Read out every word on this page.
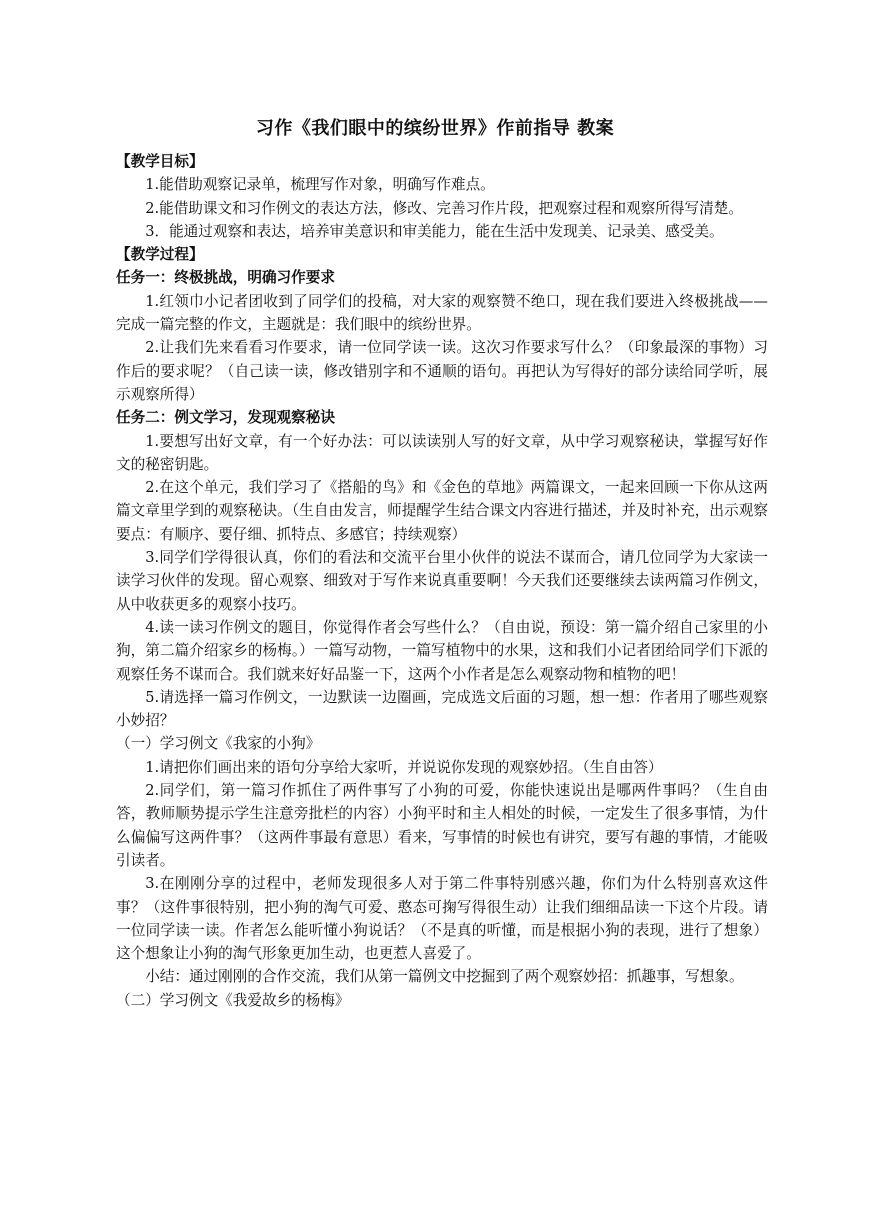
习作《我们眼中的缤纷世界》作前指导 教案

【教学目标】

1.能借助观察记录单，梳理写作对象，明确写作难点。

2.能借助课文和习作例文的表达方法，修改、完善习作片段，把观察过程和观察所得写清楚。

3．能通过观察和表达，培养审美意识和审美能力，能在生活中发现美、记录美、感受美。

【教学过程】

任务一：终极挑战，明确习作要求

1.红领巾小记者团收到了同学们的投稿，对大家的观察赞不绝口，现在我们要进入终极挑战——完成一篇完整的作文，主题就是：我们眼中的缤纷世界。

2.让我们先来看看习作要求，请一位同学读一读。这次习作要求写什么？（印象最深的事物）习作后的要求呢？（自己读一读，修改错别字和不通顺的语句。再把认为写得好的部分读给同学听，展示观察所得）

任务二：例文学习，发现观察秘诀

1.要想写出好文章，有一个好办法：可以读读别人写的好文章，从中学习观察秘诀，掌握写好作文的秘密钥匙。

2.在这个单元，我们学习了《搭船的鸟》和《金色的草地》两篇课文，一起来回顾一下你从这两篇文章里学到的观察秘诀。（生自由发言，师提醒学生结合课文内容进行描述，并及时补充，出示观察要点：有顺序、要仔细、抓特点、多感官；持续观察）

3.同学们学得很认真，你们的看法和交流平台里小伙伴的说法不谋而合，请几位同学为大家读一读学习伙伴的发现。留心观察、细致对于写作来说真重要啊！今天我们还要继续去读两篇习作例文，从中收获更多的观察小技巧。

4.读一读习作例文的题目，你觉得作者会写些什么？（自由说，预设：第一篇介绍自己家里的小狗，第二篇介绍家乡的杨梅。）一篇写动物，一篇写植物中的水果，这和我们小记者团给同学们下派的观察任务不谋而合。我们就来好好品鉴一下，这两个小作者是怎么观察动物和植物的吧！

5.请选择一篇习作例文，一边默读一边圈画，完成选文后面的习题，想一想：作者用了哪些观察小妙招？

（一）学习例文《我家的小狗》

1.请把你们画出来的语句分享给大家听，并说说你发现的观察妙招。（生自由答）

2.同学们，第一篇习作抓住了两件事写了小狗的可爱，你能快速说出是哪两件事吗？（生自由答，教师顺势提示学生注意旁批栏的内容）小狗平时和主人相处的时候，一定发生了很多事情，为什么偏偏写这两件事？（这两件事最有意思）看来，写事情的时候也有讲究，要写有趣的事情，才能吸引读者。

3.在刚刚分享的过程中，老师发现很多人对于第二件事特别感兴趣，你们为什么特别喜欢这件事？（这件事很特别，把小狗的淘气可爱、憨态可掬写得很生动）让我们细细品读一下这个片段。请一位同学读一读。作者怎么能听懂小狗说话？（不是真的听懂，而是根据小狗的表现，进行了想象）这个想象让小狗的淘气形象更加生动，也更惹人喜爱了。

小结：通过刚刚的合作交流，我们从第一篇例文中挖掘到了两个观察妙招：抓趣事，写想象。

（二）学习例文《我爱故乡的杨梅》
